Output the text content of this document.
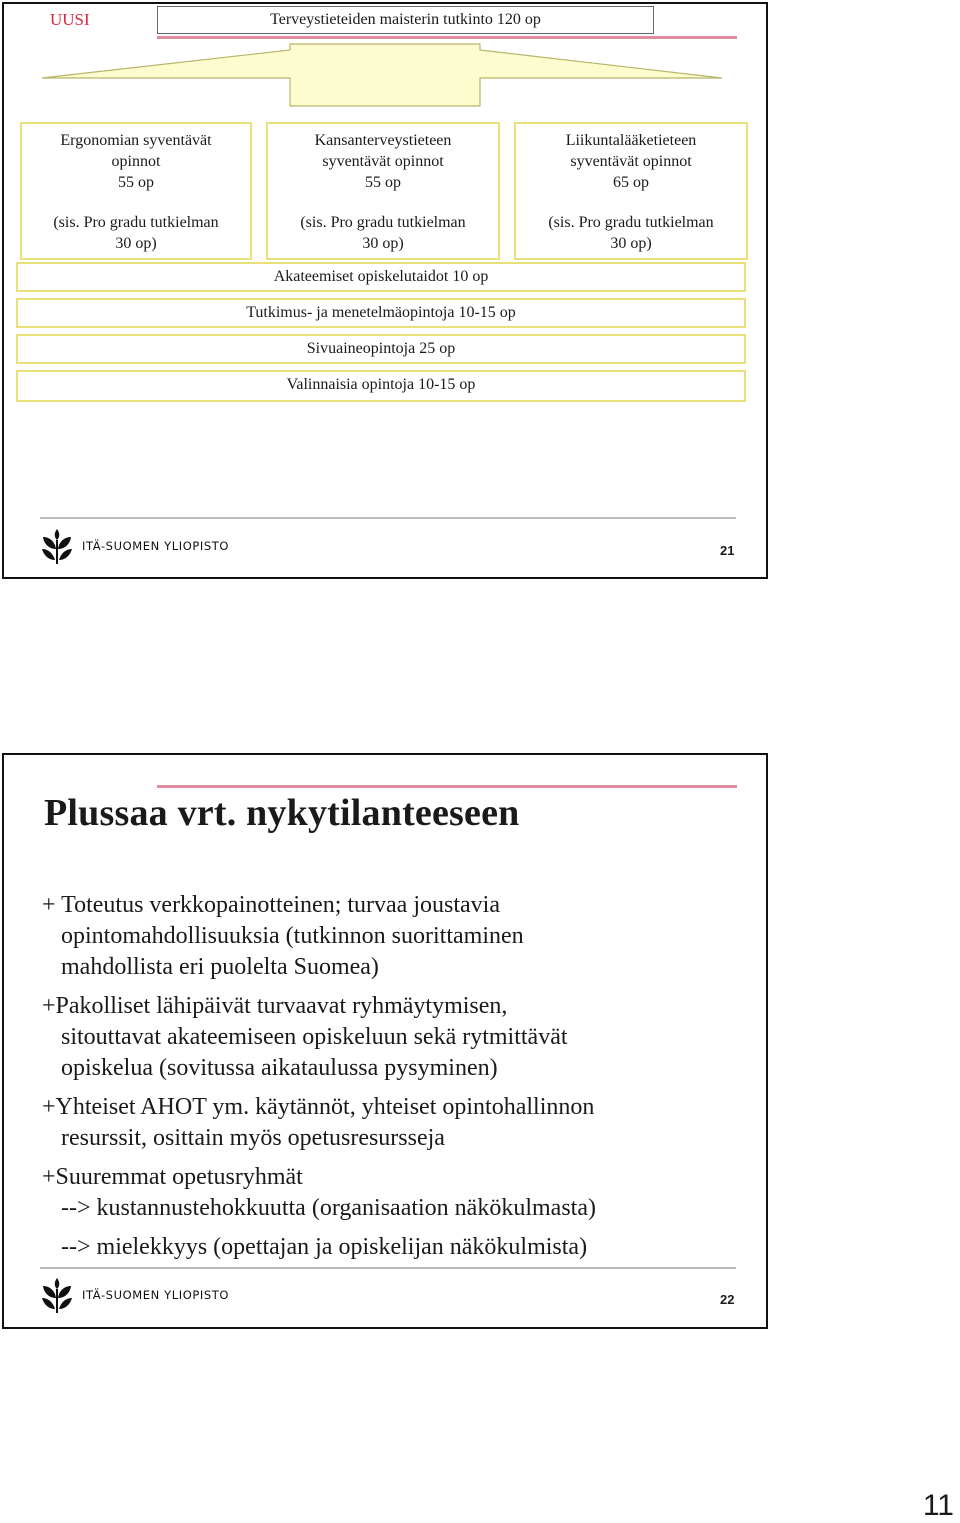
UUSI	Terveystieteiden maisterin tutkinto 120 op
Ergonomian syventävät
opinnot
55 op
(sis. Pro gradu tutkielman
30 op)
Kansanterveystieteen
syventävät opinnot
55 op
(sis. Pro gradu tutkielman
30 op)
Liikuntalääketieteen
syventävät opinnot
65 op
(sis. Pro gradu tutkielman
30 op)
Akateemiset opiskelutaidot 10 op
Tutkimus- ja menetelmäopintoja 10-15 op
Sivuaineopintoja 25 op
Valinnaisia opintoja 10-15 op
ITÄ-SUOMEN YLIOPISTO	21
Plussaa vrt. nykytilanteeseen

+ Toteutus verkkopainotteinen; turvaa joustavia

opintomahdollisuuksia (tutkinnon suorittaminen

mahdollista eri puolelta Suomea)

+Pakolliset lähipäivät turvaavat ryhmäytymisen,

sitouttavat akateemiseen opiskeluun sekä rytmittävät

opiskelua (sovitussa aikataulussa pysyminen)

+Yhteiset AHOT ym. käytännöt, yhteiset opintohallinnon

resurssit, osittain myös opetusresursseja

+Suuremmat opetusryhmät

--> kustannustehokkuutta (organisaation näkökulmasta)

--> mielekkyys (opettajan ja opiskelijan näkökulmista)

ITÄ-SUOMEN YLIOPISTO	22
11
